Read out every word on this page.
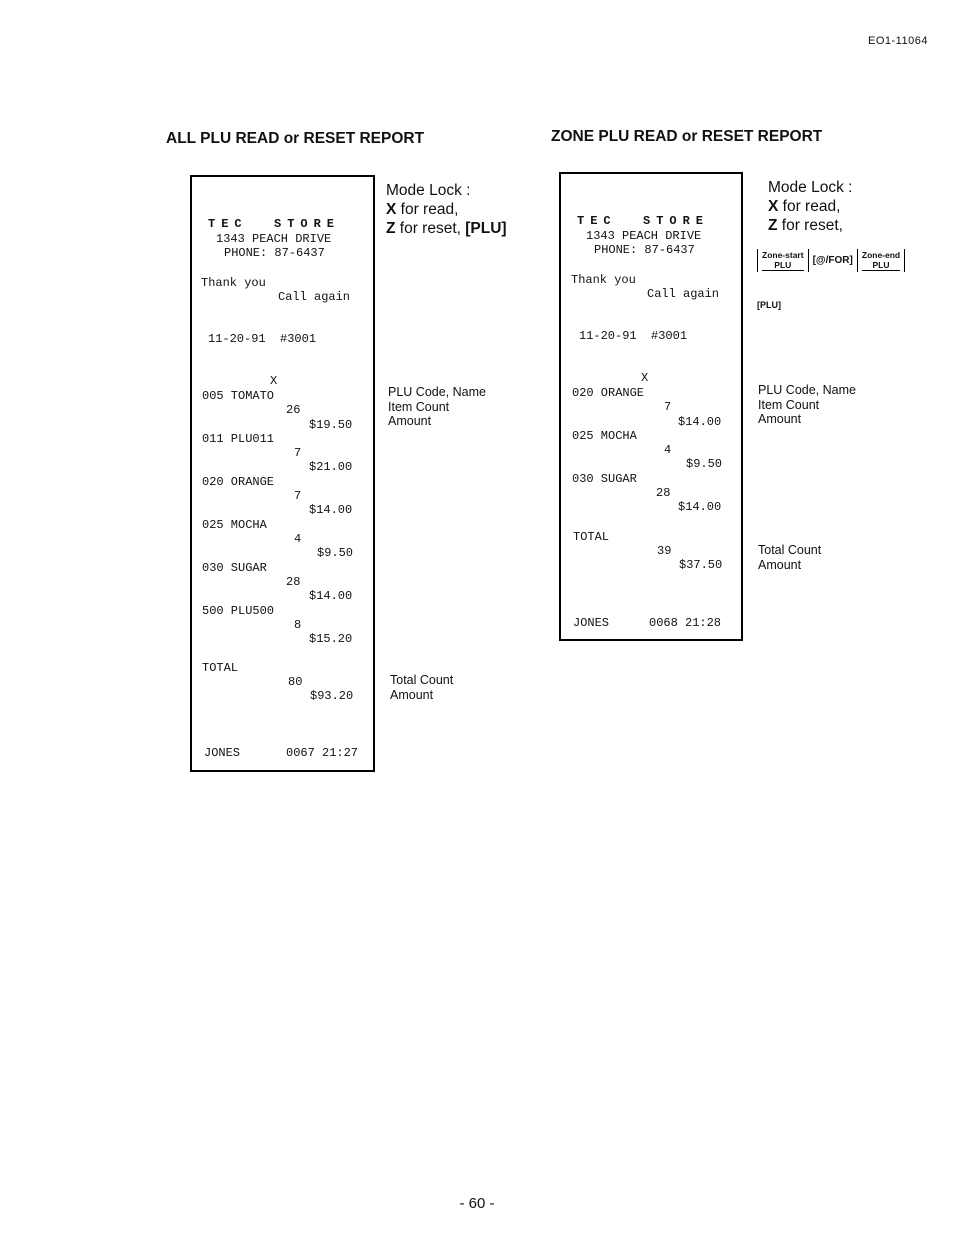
EO1-11064
ALL PLU READ or RESET REPORT
TEC  STORE
1343 PEACH DRIVE
PHONE: 87-6437
Thank you
Call again
11-20-91  #3001
X
005 TOMATO
26
$19.50
011 PLU011
7
$21.00
020 ORANGE
7
$14.00
025 MOCHA
4
$9.50
030 SUGAR
28
$14.00
500 PLU500
8
$15.20
TOTAL
80
$93.20
JONES	0067 21:27
Mode Lock :
X for read,
Z for reset, [PLU]
PLU Code, Name
Item Count
Amount
Total Count
Amount
ZONE PLU READ or RESET REPORT
TEC  STORE
1343 PEACH DRIVE
PHONE: 87-6437
Thank you
Call again
11-20-91  #3001
X
020 ORANGE
7
$14.00
025 MOCHA
4
$9.50
030 SUGAR
28
$14.00
TOTAL
39
$37.50
JONES	0068 21:28
Mode Lock :
X for read,
Z for reset,
Zone-start
PLU	[@/FOR]	Zone-end
PLU
[PLU]
PLU Code, Name
Item Count
Amount
Total Count
Amount
- 60 -
